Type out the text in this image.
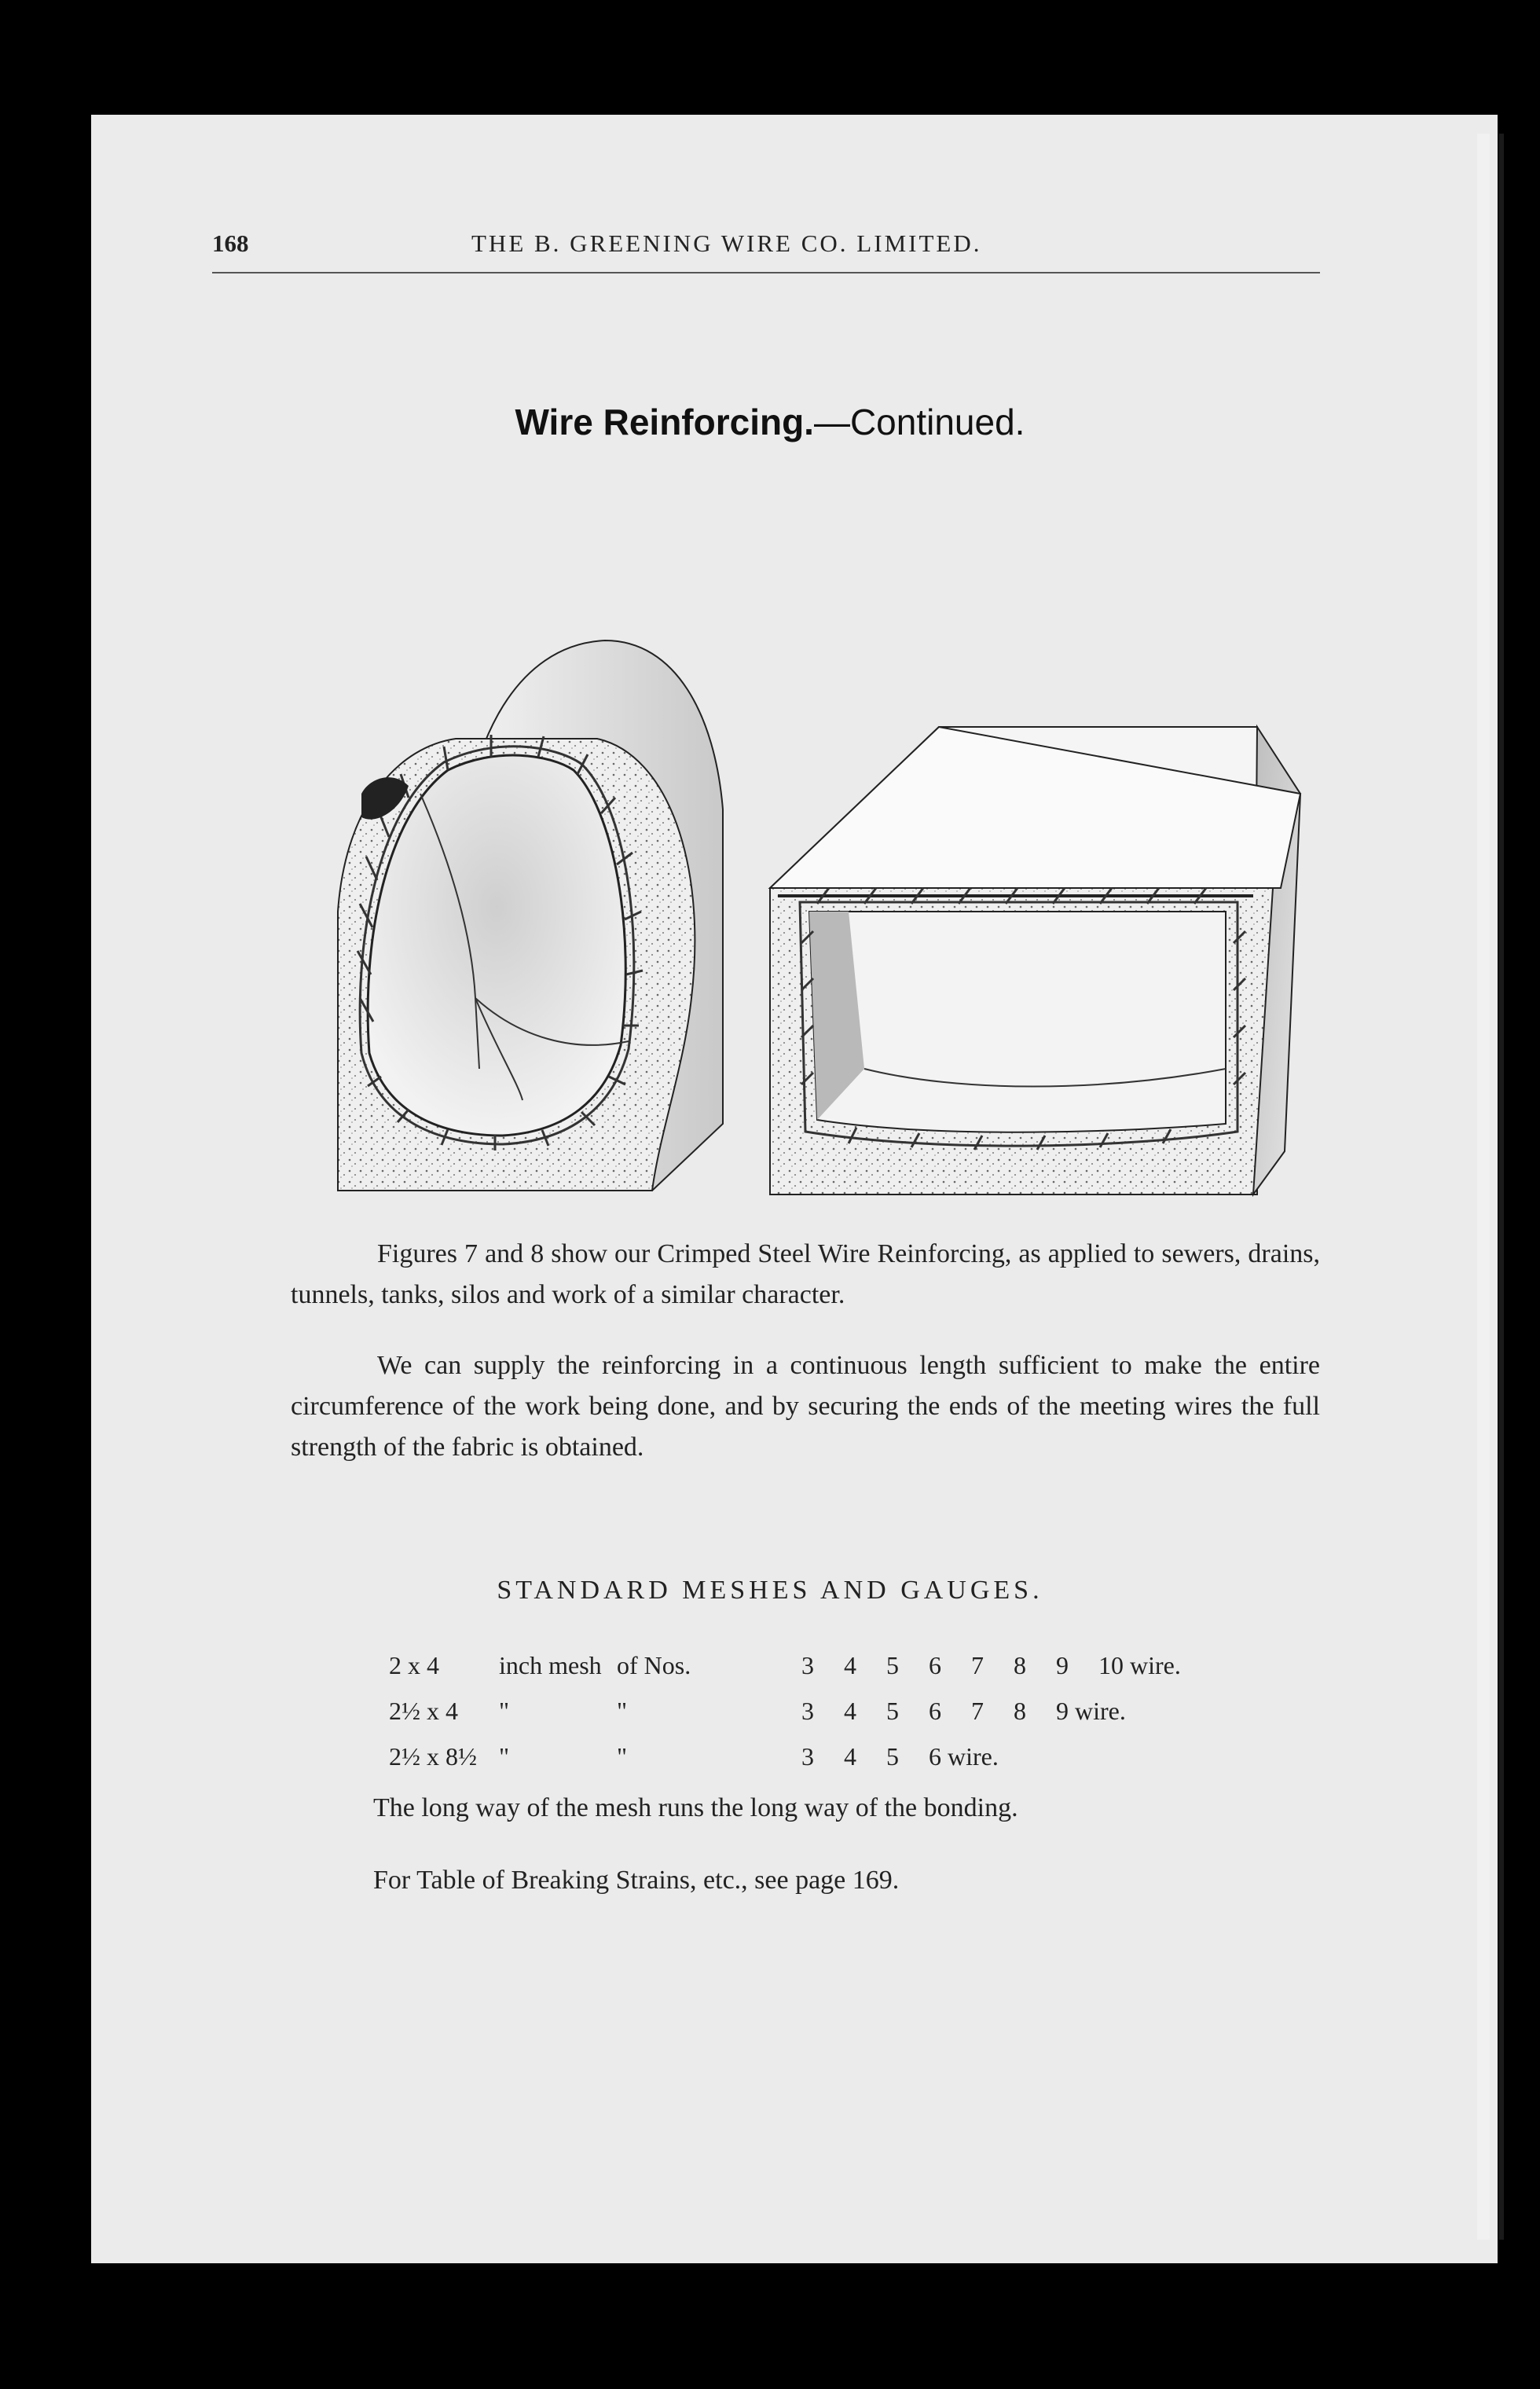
168	THE B. GREENING WIRE CO. LIMITED.
Wire Reinforcing.—Continued.
Figures 7 and 8 show our Crimped Steel Wire Reinforcing, as applied to sewers, drains, tunnels, tanks, silos and work of a similar character.
We can supply the reinforcing in a continuous length sufficient to make the entire circumference of the work being done, and by securing the ends of the meeting wires the full strength of the fabric is obtained.
STANDARD MESHES AND GAUGES.
2 x 4	inch mesh	of Nos.	3	4	5	6	7	8	9	10 wire.
2½ x 4	"	"	3	4	5	6	7	8	9 wire.	
2½ x 8½	"	"	3	4	5	6 wire.				
The long way of the mesh runs the long way of the bonding.
For Table of Breaking Strains, etc., see page 169.
